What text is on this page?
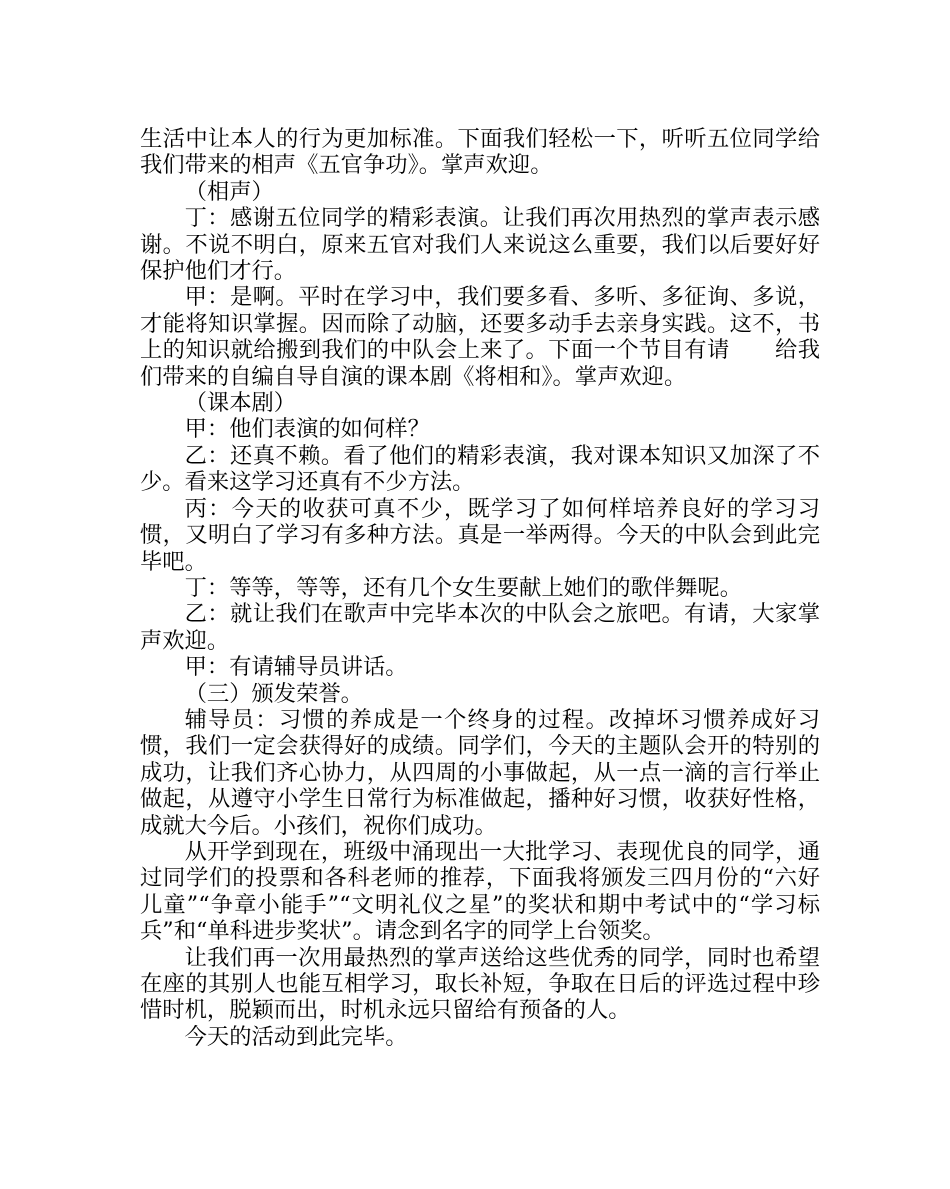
生活中让本人的行为更加标准。下面我们轻松一下，听听五位同学给我们带来的相声《五官争功》。掌声欢迎。

（相声）

丁：感谢五位同学的精彩表演。让我们再次用热烈的掌声表示感谢。不说不明白，原来五官对我们人来说这么重要，我们以后要好好保护他们才行。

甲：是啊。平时在学习中，我们要多看、多听、多征询、多说，才能将知识掌握。因而除了动脑，还要多动手去亲身实践。这不，书上的知识就给搬到我们的中队会上来了。下面一个节目有请　　给我们带来的自编自导自演的课本剧《将相和》。掌声欢迎。

（课本剧）

甲：他们表演的如何样？

乙：还真不赖。看了他们的精彩表演，我对课本知识又加深了不少。看来这学习还真有不少方法。

丙：今天的收获可真不少，既学习了如何样培养良好的学习习惯，又明白了学习有多种方法。真是一举两得。今天的中队会到此完毕吧。

丁：等等，等等，还有几个女生要献上她们的歌伴舞呢。

乙：就让我们在歌声中完毕本次的中队会之旅吧。有请，大家掌声欢迎。

甲：有请辅导员讲话。

（三）颁发荣誉。

辅导员：习惯的养成是一个终身的过程。改掉坏习惯养成好习惯，我们一定会获得好的成绩。同学们，今天的主题队会开的特别的成功，让我们齐心协力，从四周的小事做起，从一点一滴的言行举止做起，从遵守小学生日常行为标准做起，播种好习惯，收获好性格，成就大今后。小孩们，祝你们成功。

从开学到现在，班级中涌现出一大批学习、表现优良的同学，通过同学们的投票和各科老师的推荐，下面我将颁发三四月份的“六好儿童”“争章小能手”“文明礼仪之星”的奖状和期中考试中的“学习标兵”和“单科进步奖状”。请念到名字的同学上台领奖。

让我们再一次用最热烈的掌声送给这些优秀的同学，同时也希望在座的其别人也能互相学习，取长补短，争取在日后的评选过程中珍惜时机，脱颖而出，时机永远只留给有预备的人。

今天的活动到此完毕。
